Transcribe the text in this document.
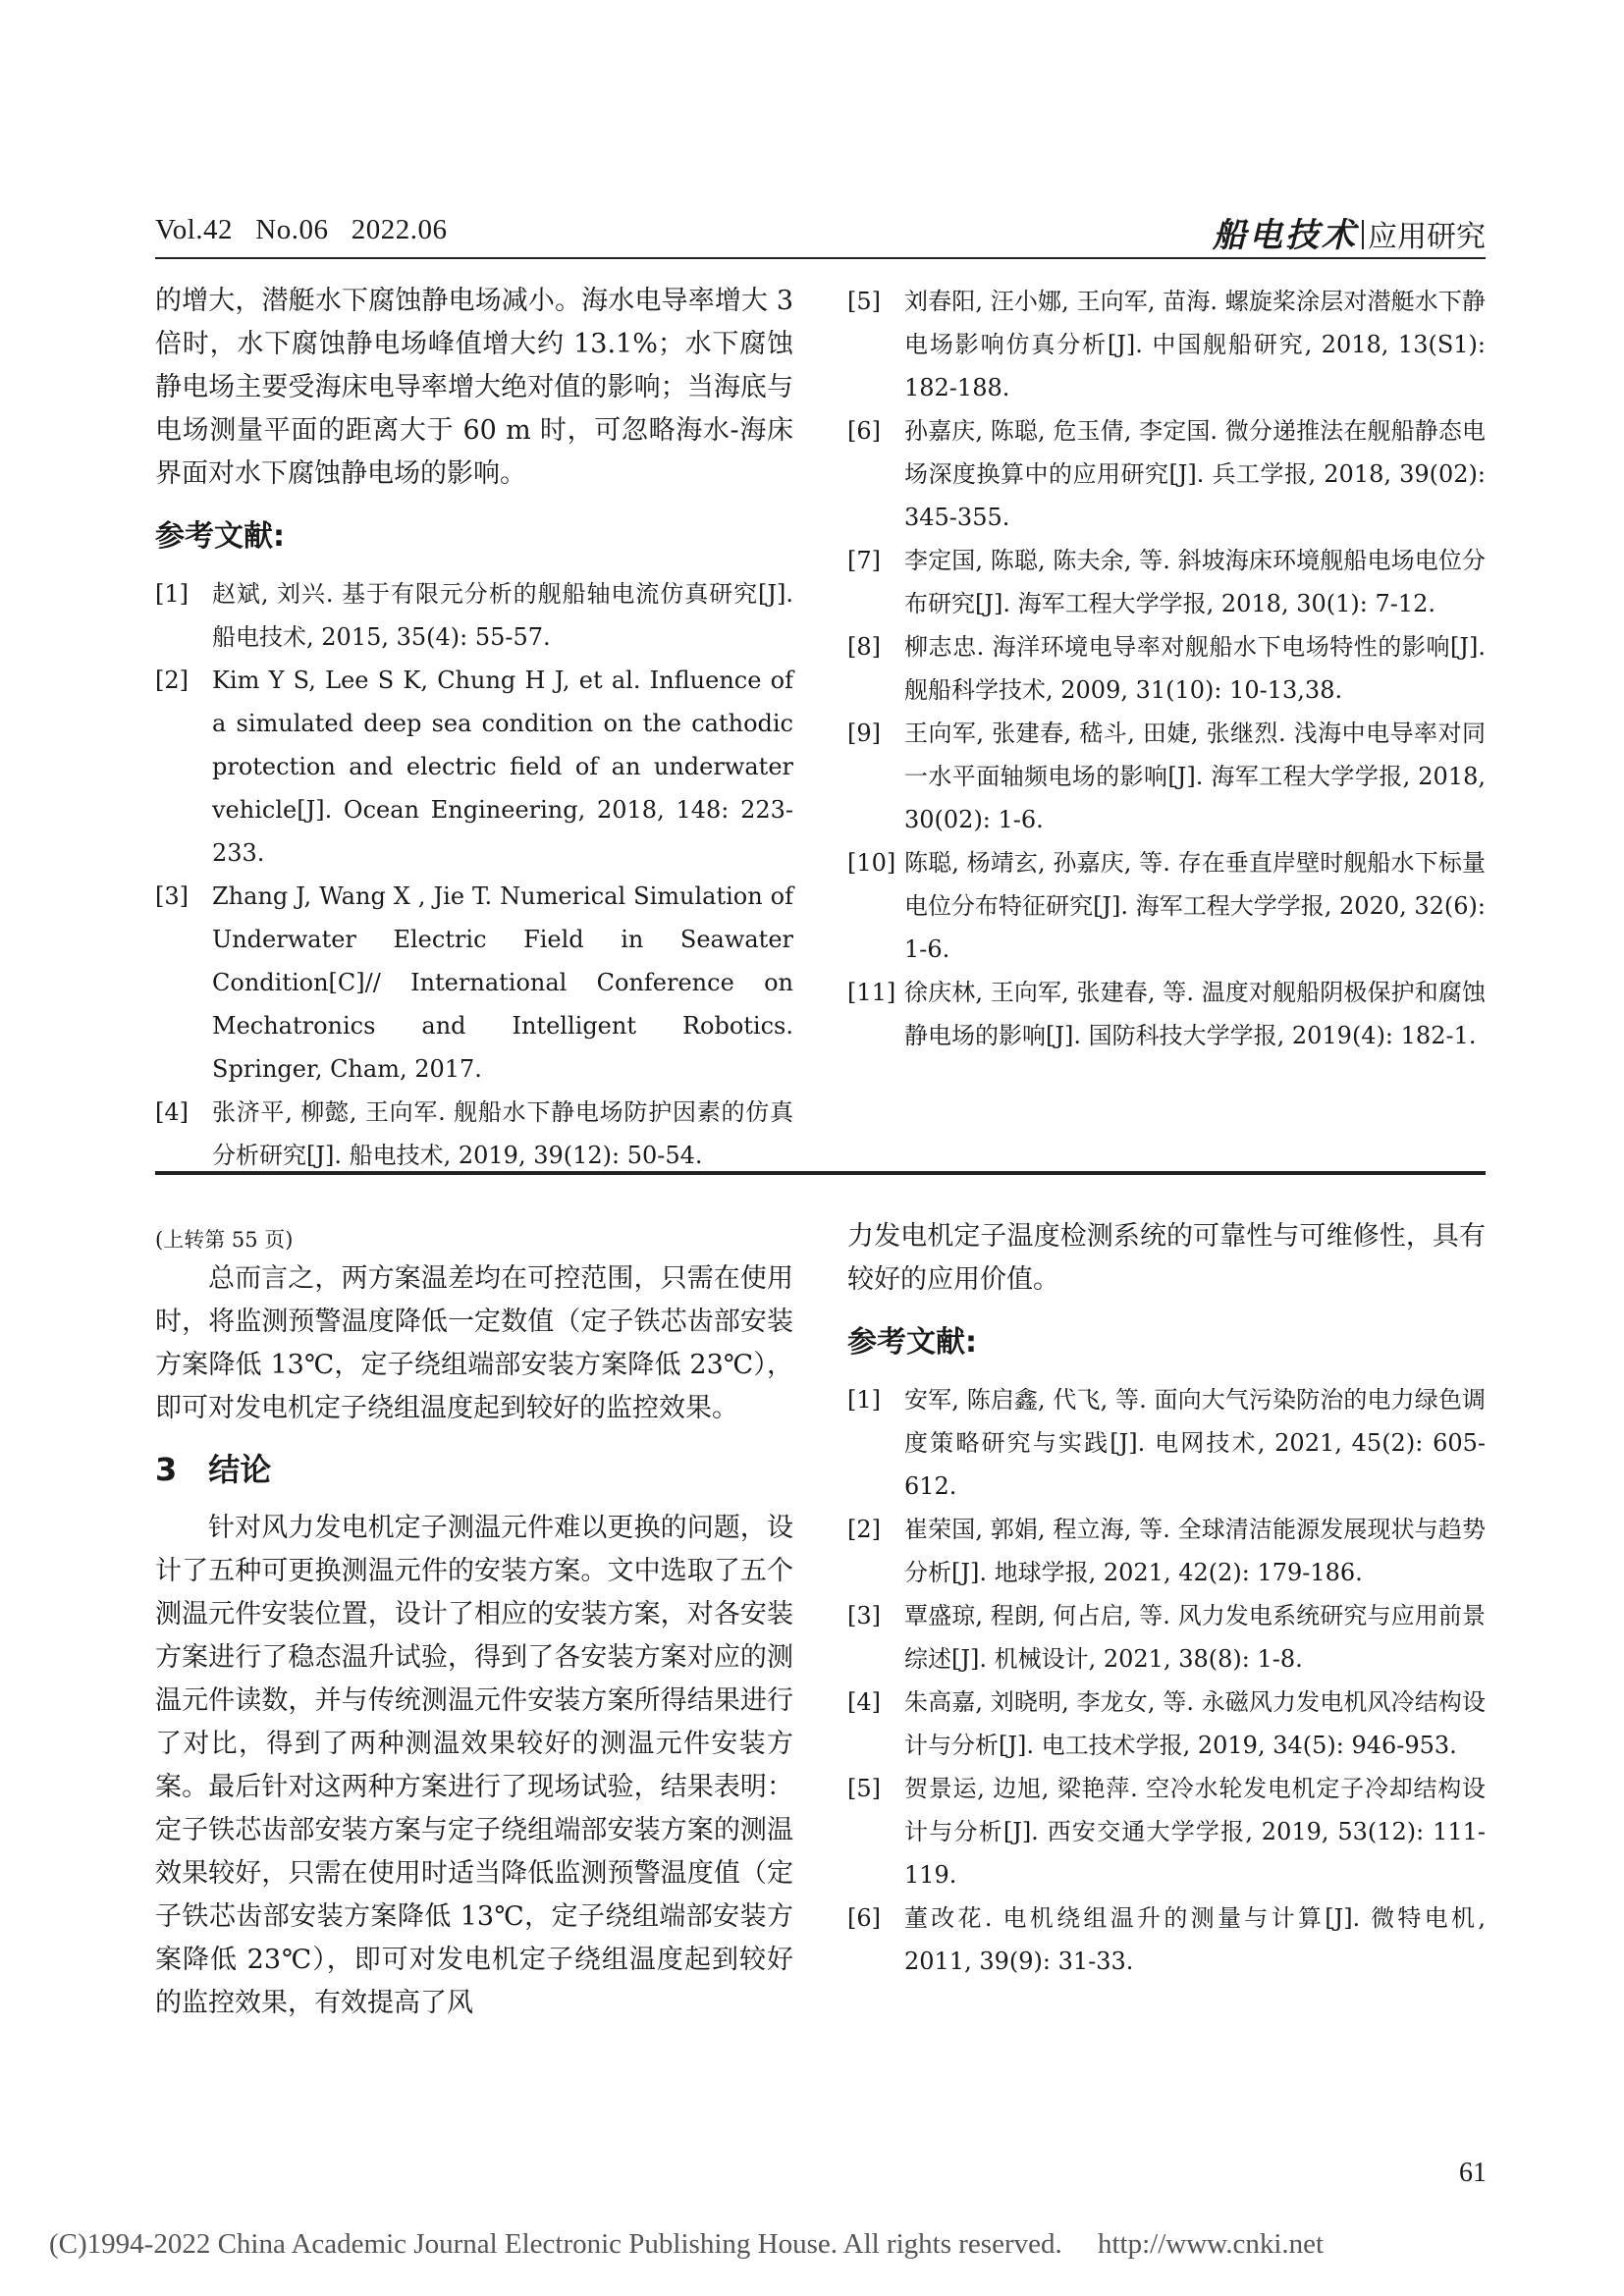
Vol.42 No.06 2022.06	船电技术 应用研究

的增大，潜艇水下腐蚀静电场减小。海水电导率增大 3 倍时，水下腐蚀静电场峰值增大约 13.1%；水下腐蚀静电场主要受海床电导率增大绝对值的影响；当海底与电场测量平面的距离大于 60 m 时，可忽略海水-海床界面对水下腐蚀静电场的影响。

参考文献:
[1]	赵斌, 刘兴. 基于有限元分析的舰船轴电流仿真研究[J]. 船电技术, 2015, 35(4): 55-57.
[2]	Kim Y S, Lee S K, Chung H J, et al. Influence of a simulated deep sea condition on the cathodic protection and electric field of an underwater vehicle[J]. Ocean Engineering, 2018, 148: 223-233.
[3]	Zhang J, Wang X , Jie T. Numerical Simulation of Underwater Electric Field in Seawater Condition[C]// International Conference on Mechatronics and Intelligent Robotics. Springer, Cham, 2017.
[4]	张济平, 柳懿, 王向军. 舰船水下静电场防护因素的仿真分析研究[J]. 船电技术, 2019, 39(12): 50-54.
[5]	刘春阳, 汪小娜, 王向军, 苗海. 螺旋桨涂层对潜艇水下静电场影响仿真分析[J]. 中国舰船研究, 2018, 13(S1): 182-188.
[6]	孙嘉庆, 陈聪, 危玉倩, 李定国. 微分递推法在舰船静态电场深度换算中的应用研究[J]. 兵工学报, 2018, 39(02): 345-355.
[7]	李定国, 陈聪, 陈夫余, 等. 斜坡海床环境舰船电场电位分布研究[J]. 海军工程大学学报, 2018, 30(1): 7-12.
[8]	柳志忠. 海洋环境电导率对舰船水下电场特性的影响[J]. 舰船科学技术, 2009, 31(10): 10-13,38.
[9]	王向军, 张建春, 嵇斗, 田婕, 张继烈. 浅海中电导率对同一水平面轴频电场的影响[J]. 海军工程大学学报, 2018, 30(02): 1-6.
[10] 陈聪, 杨靖玄, 孙嘉庆, 等. 存在垂直岸壁时舰船水下标量电位分布特征研究[J]. 海军工程大学学报, 2020, 32(6): 1-6.
[11] 徐庆林, 王向军, 张建春, 等. 温度对舰船阴极保护和腐蚀静电场的影响[J]. 国防科技大学学报, 2019(4): 182-1.

(上转第 55 页)

总而言之，两方案温差均在可控范围，只需在使用时，将监测预警温度降低一定数值（定子铁芯齿部安装方案降低 13℃，定子绕组端部安装方案降低 23℃），即可对发电机定子绕组温度起到较好的监控效果。

3　结论

针对风力发电机定子测温元件难以更换的问题，设计了五种可更换测温元件的安装方案。文中选取了五个测温元件安装位置，设计了相应的安装方案，对各安装方案进行了稳态温升试验，得到了各安装方案对应的测温元件读数，并与传统测温元件安装方案所得结果进行了对比，得到了两种测温效果较好的测温元件安装方案。最后针对这两种方案进行了现场试验，结果表明：定子铁芯齿部安装方案与定子绕组端部安装方案的测温效果较好，只需在使用时适当降低监测预警温度值（定子铁芯齿部安装方案降低 13℃，定子绕组端部安装方案降低 23℃），即可对发电机定子绕组温度起到较好的监控效果，有效提高了风

力发电机定子温度检测系统的可靠性与可维修性，具有较好的应用价值。

参考文献:
[1]	安军, 陈启鑫, 代飞, 等. 面向大气污染防治的电力绿色调度策略研究与实践[J]. 电网技术, 2021, 45(2): 605-612.
[2]	崔荣国, 郭娟, 程立海, 等. 全球清洁能源发展现状与趋势分析[J]. 地球学报, 2021, 42(2): 179-186.
[3]	覃盛琼, 程朗, 何占启, 等. 风力发电系统研究与应用前景综述[J]. 机械设计, 2021, 38(8): 1-8.
[4]	朱高嘉, 刘晓明, 李龙女, 等. 永磁风力发电机风冷结构设计与分析[J]. 电工技术学报, 2019, 34(5): 946-953.
[5]	贺景运, 边旭, 梁艳萍. 空冷水轮发电机定子冷却结构设计与分析[J]. 西安交通大学学报, 2019, 53(12): 111-119.
[6]	董改花. 电机绕组温升的测量与计算[J]. 微特电机, 2011, 39(9): 31-33.
61
(C)1994-2022 China Academic Journal Electronic Publishing House. All rights reserved.　 http://www.cnki.net
